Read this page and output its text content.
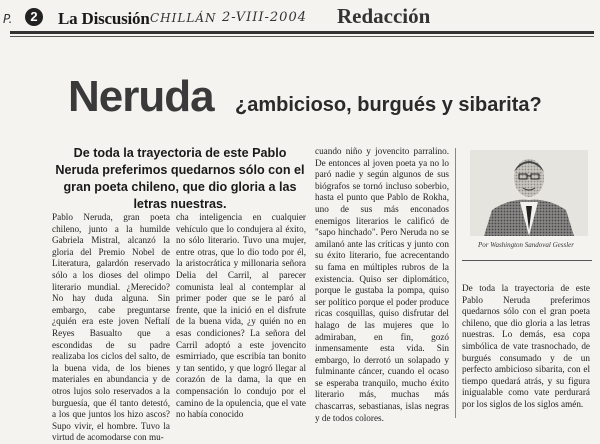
P.	2	La Discusión CHILLÁN 2-VIII-2004 Redacción
Neruda ¿ambicioso, burgués y sibarita?
De toda la trayectoria de este Pablo Neruda preferimos quedarnos sólo con el gran poeta chileno, que dio gloria a las letras nuestras.

Pablo Neruda, gran poeta chileno, junto a la humilde Gabriela Mistral, alcanzó la gloria del Premio Nobel de Literatura, galardón reservado sólo a los dioses del olimpo literario mundial. ¿Merecido? No hay duda alguna. Sin embargo, cabe preguntarse ¿quién era este joven Neftalí Reyes Basualto que a escondidas de su padre realizaba los ciclos del salto, de la buena vida, de los bienes materiales en abundancia y de otros lujos solo reservados a la burguesía, que él tanto detestó, a los que juntos los hizo ascos? Supo vivir, el hombre. Tuvo la virtud de acomodarse con mu-

cha inteligencia en cualquier vehículo que lo condujera al éxito, no sólo literario. Tuvo una mujer, entre otras, que lo dio todo por él, la aristocrática y millonaria señora Delia del Carril, al parecer comunista leal al contemplar al primer poder que se le paró al frente, que la inició en el disfrute de la buena vida, ¿y quién no en esas condiciones? La señora del Carril adoptó a este jovencito esmirriado, que escribía tan bonito y tan sentido, y que logró llegar al corazón de la dama, la que en compensación lo condujo por el camino de la opulencia, que el vate no había conocido

cuando niño y jovencito parralino. De entonces al joven poeta ya no lo paró nadie y según algunos de sus biógrafos se tornó incluso soberbio, hasta el punto que Pablo de Rokha, uno de sus más enconados enemigos literarios le calificó de "sapo hinchado". Pero Neruda no se amilanó ante las críticas y junto con su éxito literario, fue acrecentando su fama en múltiples rubros de la existencia. Quiso ser diplomático, porque le gustaba la pompa, quiso ser político porque el poder produce ricas cosquillas, quiso disfrutar del halago de las mujeres que lo admiraban, en fin, gozó inmensamente esta vida. Sin embargo, lo derrotó un solapado y fulminante cáncer, cuando el ocaso se esperaba tranquilo, mucho éxito literario más, muchas más chascarras, sebastianas, islas negras y de todos colores.

Por Washington Sandoval Gessler

De toda la trayectoria de este Pablo Neruda preferimos quedarnos sólo con el gran poeta chileno, que dio gloria a las letras nuestras. Lo demás, esa copa simbólica de vate trasnochado, de burgués consumado y de un perfecto ambicioso sibarita, con el tiempo quedará atrás, y su figura inigualable como vate perdurará por los siglos de los siglos amén.
